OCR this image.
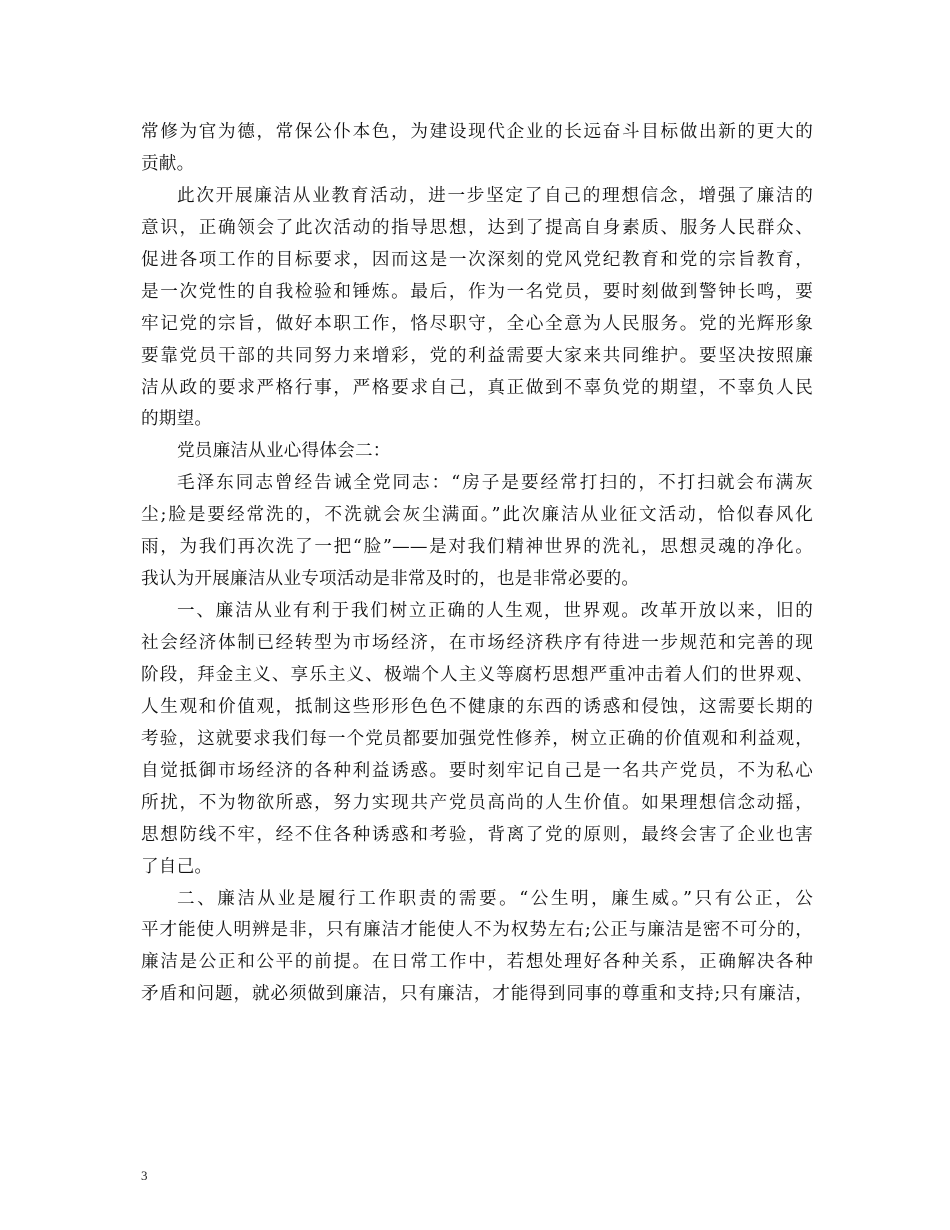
常修为官为德，常保公仆本色，为建设现代企业的长远奋斗目标做出新的更大的
贡献。
此次开展廉洁从业教育活动，进一步坚定了自己的理想信念，增强了廉洁的
意识，正确领会了此次活动的指导思想，达到了提高自身素质、服务人民群众、
促进各项工作的目标要求，因而这是一次深刻的党风党纪教育和党的宗旨教育，
是一次党性的自我检验和锤炼。最后，作为一名党员，要时刻做到警钟长鸣，要
牢记党的宗旨，做好本职工作，恪尽职守，全心全意为人民服务。党的光辉形象
要靠党员干部的共同努力来增彩，党的利益需要大家来共同维护。要坚决按照廉
洁从政的要求严格行事，严格要求自己，真正做到不辜负党的期望，不辜负人民
的期望。
党员廉洁从业心得体会二：
毛泽东同志曾经告诫全党同志：“房子是要经常打扫的，不打扫就会布满灰
尘;脸是要经常洗的，不洗就会灰尘满面。”此次廉洁从业征文活动，恰似春风化
雨，为我们再次洗了一把“脸”——是对我们精神世界的洗礼，思想灵魂的净化。
我认为开展廉洁从业专项活动是非常及时的，也是非常必要的。
一、廉洁从业有利于我们树立正确的人生观，世界观。改革开放以来，旧的
社会经济体制已经转型为市场经济，在市场经济秩序有待进一步规范和完善的现
阶段，拜金主义、享乐主义、极端个人主义等腐朽思想严重冲击着人们的世界观、
人生观和价值观，抵制这些形形色色不健康的东西的诱惑和侵蚀，这需要长期的
考验，这就要求我们每一个党员都要加强党性修养，树立正确的价值观和利益观，
自觉抵御市场经济的各种利益诱惑。要时刻牢记自己是一名共产党员，不为私心
所扰，不为物欲所惑，努力实现共产党员高尚的人生价值。如果理想信念动摇，
思想防线不牢，经不住各种诱惑和考验，背离了党的原则，最终会害了企业也害
了自己。
二、廉洁从业是履行工作职责的需要。“公生明，廉生威。”只有公正，公
平才能使人明辨是非，只有廉洁才能使人不为权势左右;公正与廉洁是密不可分的，
廉洁是公正和公平的前提。在日常工作中，若想处理好各种关系，正确解决各种
矛盾和问题，就必须做到廉洁，只有廉洁，才能得到同事的尊重和支持;只有廉洁，
3
